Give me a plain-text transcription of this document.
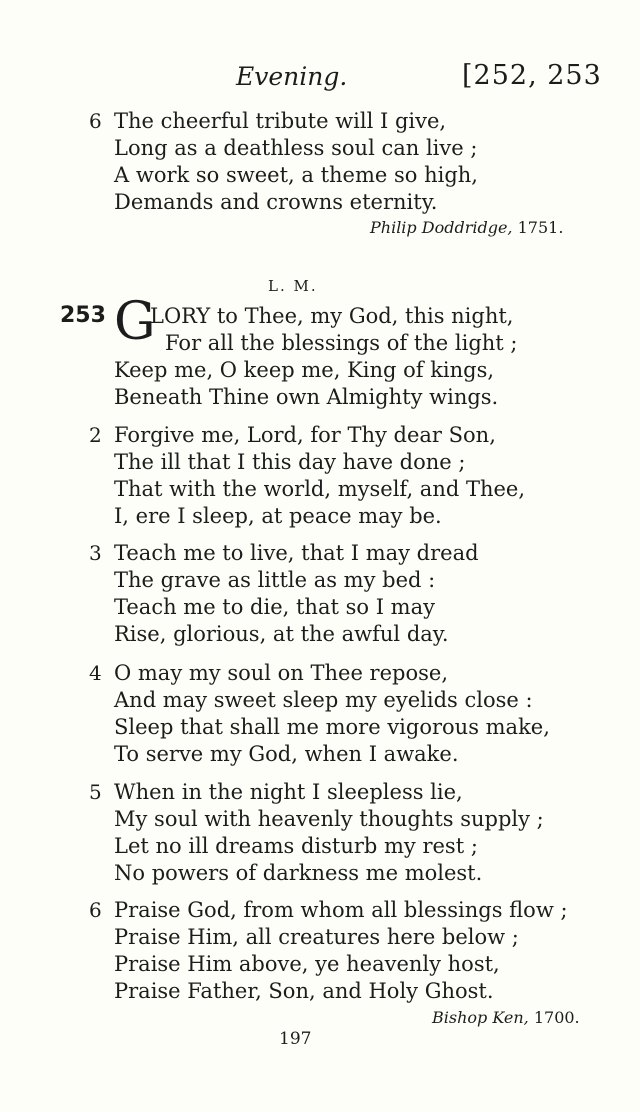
Evening.	[252, 253
6 The cheerful tribute will I give,
Long as a deathless soul can live ;
A work so sweet, a theme so high,
Demands and crowns eternity.
Philip Doddridge, 1751.
L. M.
253 G
LORY to Thee, my God, this night,
For all the blessings of the light ;
Keep me, O keep me, King of kings,
Beneath Thine own Almighty wings.
2 Forgive me, Lord, for Thy dear Son,
The ill that I this day have done ;
That with the world, myself, and Thee,
I, ere I sleep, at peace may be.
3 Teach me to live, that I may dread
The grave as little as my bed :
Teach me to die, that so I may
Rise, glorious, at the awful day.
4 O may my soul on Thee repose,
And may sweet sleep my eyelids close :
Sleep that shall me more vigorous make,
To serve my God, when I awake.
5 When in the night I sleepless lie,
My soul with heavenly thoughts supply ;
Let no ill dreams disturb my rest ;
No powers of darkness me molest.
6 Praise God, from whom all blessings flow ;
Praise Him, all creatures here below ;
Praise Him above, ye heavenly host,
Praise Father, Son, and Holy Ghost.
Bishop Ken, 1700.
197
